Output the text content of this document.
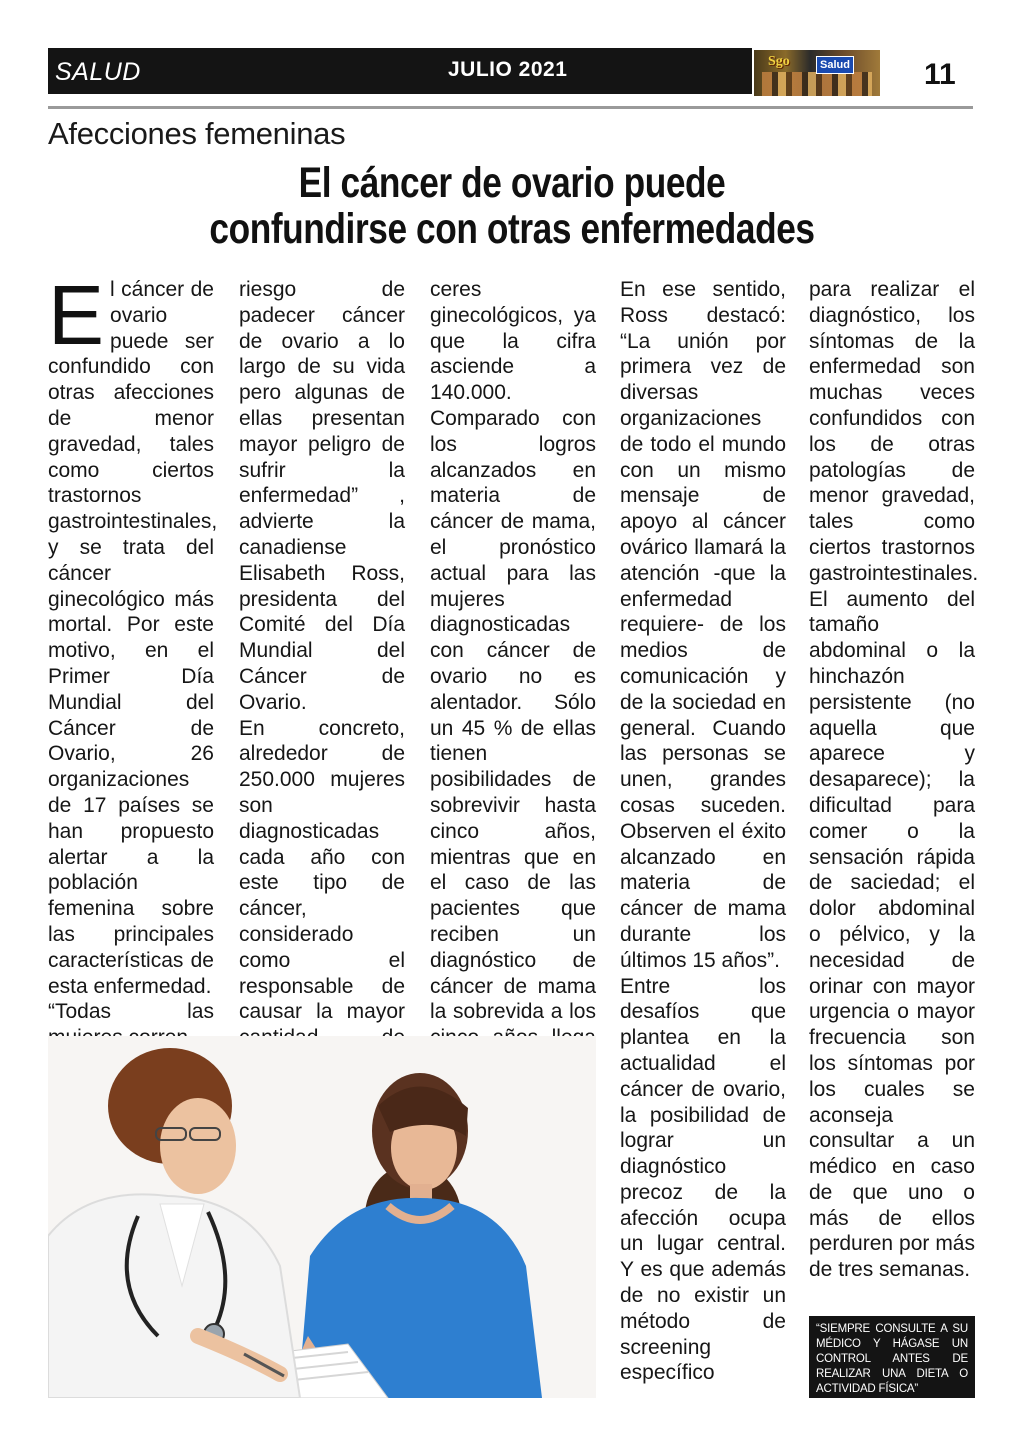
SALUD	JULIO 2021	Sgo	Salud 11
Afecciones femeninas
El cáncer de ovario puede
confundirse con otras enfermedades
E l cáncer de ovario puede ser confundido con otras afecciones de menor gravedad, tales como ciertos trastornos gastrointestinales, y se trata del cáncer ginecológico más mortal. Por este motivo, en el Primer Día Mundial del Cáncer de Ovario, 26 organizaciones de 17 países se han propuesto alertar a la población femenina sobre las principales características de esta enfermedad.

“Todas las

riesgo de padecer cáncer de ovario a lo largo de su vida pero algunas de ellas presentan mayor peligro de sufrir la enfermedad” , advierte la canadiense Elisabeth Ross, presidenta del Comité del Día Mundial del Cáncer de Ovario.

En concreto, alrededor de 250.000 mujeres son diagnosticadas cada año con este tipo de cáncer, considerado como el responsable de causar la mayor

ceres ginecológicos, ya que la cifra asciende a 140.000.

Comparado con los logros alcanzados en materia de cáncer de mama, el pronóstico actual para las mujeres diagnosticadas con cáncer de ovario no es alentador. Sólo un 45 % de ellas tienen posibilidades de sobrevivir hasta cinco años, mientras que en el caso de las pacientes que reciben un diagnóstico de cáncer de mama la sobrevida a los

En ese sentido, Ross destacó: “La unión por primera vez de diversas organizaciones de todo el mundo con un mismo mensaje de apoyo al cáncer ovárico llamará la atención -que la enfermedad requiere- de los medios de comunicación y de la sociedad en general. Cuando las personas se unen, grandes cosas suceden. Observen el éxito alcanzado en materia de cáncer de mama durante los últimos 15 años”.

Entre los desafíos que plantea en la actualidad el cáncer de ovario, la posibilidad de lograr un diagnóstico precoz de la afección ocupa un lugar central. Y es que además de no existir un método de screening específico

para realizar el diagnóstico, los síntomas de la enfermedad son muchas veces confundidos con los de otras patologías de menor gravedad, tales como ciertos trastornos gastrointestinales.

El aumento del tamaño abdominal o la hinchazón persistente (no aquella que aparece y desaparece); la dificultad para comer o la sensación rápida de saciedad; el dolor abdominal o pélvico, y la necesidad de orinar con mayor urgencia o mayor frecuencia son los síntomas por los cuales se aconseja consultar a un médico en caso de que uno o más de ellos perduren por más de tres semanas.

“SIEMPRE CONSULTE A SU MÉDICO Y HÁGASE UN CONTROL ANTES DE REALIZAR UNA DIETA O ACTIVIDAD FÍSICA”
